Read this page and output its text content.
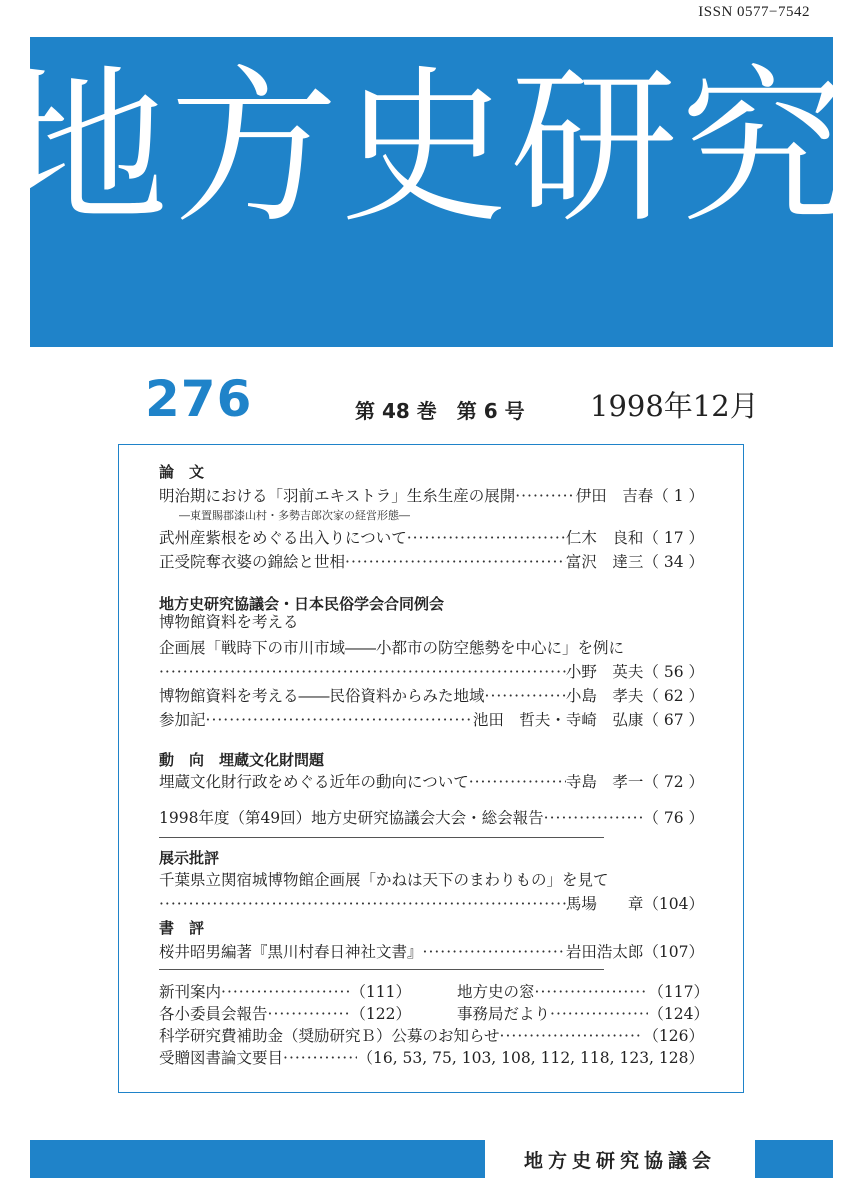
ISSN 0577−7542
地方史研究
276	第 48 巻　第 6 号 1998年12月
論　文
明治期における「羽前エキストラ」生糸生産の展開 ·····	伊田　吉春 （ 1 ）
―東置賜郡漆山村・多勢吉郎次家の経営形態―
武州産紫根をめぐる出入りについて ·····	仁木　良和 （ 17 ）
正受院奪衣婆の錦絵と世相 ·····	富沢　達三 （ 34 ）
地方史研究協議会・日本民俗学会合同例会
博物館資料を考える
企画展「戦時下の市川市域――小都市の防空態勢を中心に」を例に
·····
小野　英夫 （ 56 ）
博物館資料を考える――民俗資料からみた地域 ·····	小島　孝夫 （ 62 ）
参加記 ·····	池田　哲夫・寺崎　弘康 （ 67 ）
動　向　埋蔵文化財問題
埋蔵文化財行政をめぐる近年の動向について ·····	寺島　孝一 （ 72 ）
1998年度（第49回）地方史研究協議会大会・総会報告 ·····	（ 76 ）
展示批評
千葉県立関宿城博物館企画展「かねは天下のまわりもの」を見て
·····
馬場　　章 （104）
書　評
桜井昭男編著『黒川村春日神社文書』 ·····	岩田浩太郎 （107）
新刊案内 ·····	（111）	地方史の窓 ·····	（117）
各小委員会報告 ·····	（122）	事務局だより ·····	（124）
科学研究費補助金（奨励研究Ｂ）公募のお知らせ ·····	（126）
受贈図書論文要目 ·····	（16, 53, 75, 103, 108, 112, 118, 123, 128）
地方史研究協議会
